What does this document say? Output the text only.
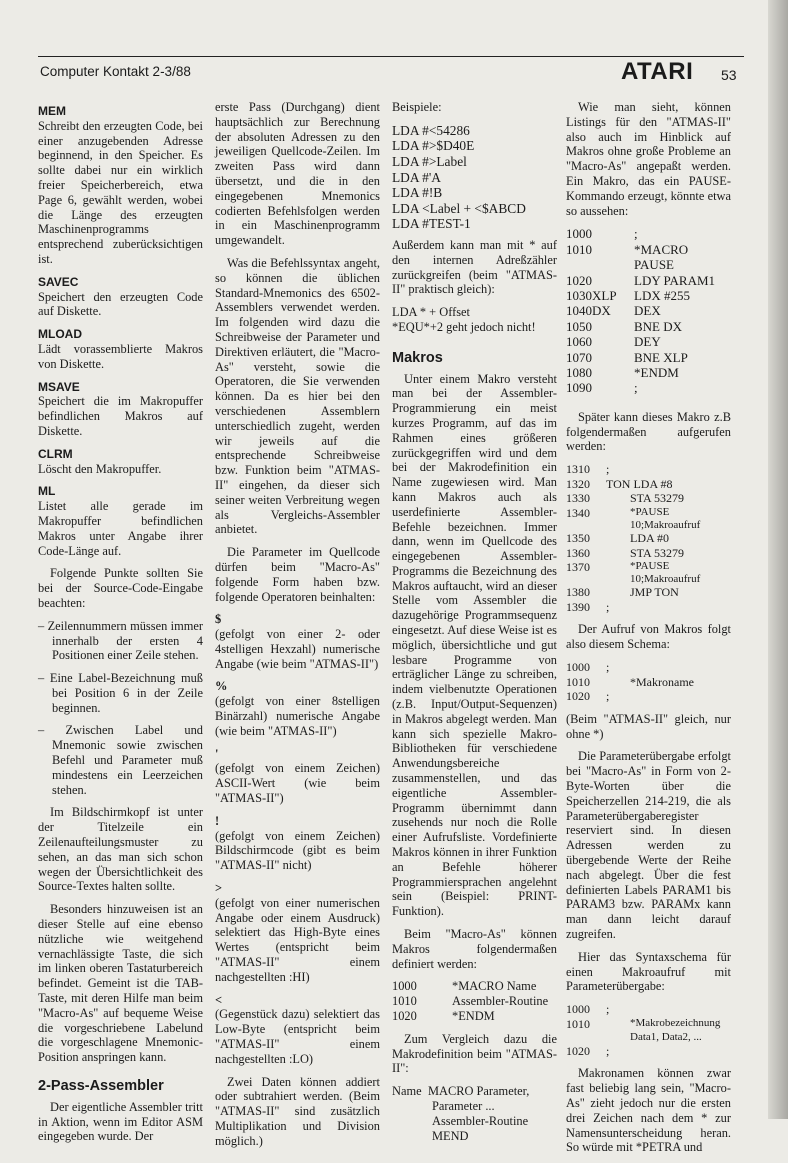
Computer Kontakt 2-3/88	ATARI 53
MEM

Schreibt den erzeugten Code, bei einer anzugebenden Adresse beginnend, in den Speicher. Es sollte dabei nur ein wirklich freier Speicherbereich, etwa Page 6, gewählt werden, wobei die Länge des erzeugten Maschinenprogramms entsprechend zuberücksichtigen ist.

SAVEC

Speichert den erzeugten Code auf Diskette.

MLOAD

Lädt vorassemblierte Makros von Diskette.

MSAVE

Speichert die im Makropuffer befindlichen Makros auf Diskette.

CLRM

Löscht den Makropuffer.

ML

Listet alle gerade im Makropuffer befindlichen Makros unter Angabe ihrer Code-Länge auf.

Folgende Punkte sollten Sie bei der Source-Code-Eingabe beachten:

– Zeilennummern müssen immer innerhalb der ersten 4 Positionen einer Zeile stehen.

– Eine Label-Bezeichnung muß bei Position 6 in der Zeile beginnen.

– Zwischen Label und Mnemonic sowie zwischen Befehl und Parameter muß mindestens ein Leerzeichen stehen.

Im Bildschirmkopf ist unter der Titelzeile ein Zeilenaufteilungsmuster zu sehen, an das man sich schon wegen der Übersichtlichkeit des Source-Textes halten sollte.

Besonders hinzuweisen ist an dieser Stelle auf eine ebenso nützliche wie weitgehend vernachlässigte Taste, die sich im linken oberen Tastaturbereich befindet. Gemeint ist die TAB-Taste, mit deren Hilfe man beim "Macro-As" auf bequeme Weise die vorgeschriebene Labelund die vorgeschlagene Mnemonic-Position anspringen kann.

2-Pass-Assembler

Der eigentliche Assembler tritt in Aktion, wenn im Editor ASM eingegeben wurde. Der

erste Pass (Durchgang) dient hauptsächlich zur Berechnung der absoluten Adressen zu den jeweiligen Quellcode-Zeilen. Im zweiten Pass wird dann übersetzt, und die in den eingegebenen Mnemonics codierten Befehlsfolgen werden in ein Maschinenprogramm umgewandelt.

Was die Befehlssyntax angeht, so können die üblichen Standard-Mnemonics des 6502-Assemblers verwendet werden. Im folgenden wird dazu die Schreibweise der Parameter und Direktiven erläutert, die "Macro-As" versteht, sowie die Operatoren, die Sie verwenden können. Da es hier bei den verschiedenen Assemblern unterschiedlich zugeht, werden wir jeweils auf die entsprechende Schreibweise bzw. Funktion beim "ATMAS-II" eingehen, da dieser sich seiner weiten Verbreitung wegen als Vergleichs-Assembler anbietet.

Die Parameter im Quellcode dürfen beim "Macro-As" folgende Form haben bzw. folgende Operatoren beinhalten:

$

(gefolgt von einer 2- oder 4stelligen Hexzahl) numerische Angabe (wie beim "ATMAS-II")

%

(gefolgt von einer 8stelligen Binärzahl) numerische Angabe (wie beim "ATMAS-II")

'

(gefolgt von einem Zeichen) ASCII-Wert (wie beim "ATMAS-II")

!

(gefolgt von einem Zeichen) Bildschirmcode (gibt es beim "ATMAS-II" nicht)

>

(gefolgt von einer numerischen Angabe oder einem Ausdruck) selektiert das High-Byte eines Wertes (entspricht beim "ATMAS-II" einem nachgestellten :HI)

<

(Gegenstück dazu) selektiert das Low-Byte (entspricht beim "ATMAS-II" einem nachgestellten :LO)

Zwei Daten können addiert oder subtrahiert werden. (Beim "ATMAS-II" sind zusätzlich Multiplikation und Division möglich.)

Beispiele:

LDA #<54286
LDA #>$D40E
LDA #>Label
LDA #'A
LDA #!B
LDA <Label + <$ABCD
LDA #TEST-1

Außerdem kann man mit * auf den internen Adreßzähler zurückgreifen (beim "ATMAS-II" praktisch gleich):

LDA * + Offset
*EQU*+2 geht jedoch nicht!
Makros

Unter einem Makro versteht man bei der Assembler-Programmierung ein meist kurzes Programm, auf das im Rahmen eines größeren zurückgegriffen wird und dem bei der Makrodefinition ein Name zugewiesen wird. Man kann Makros auch als userdefinierte Assembler-Befehle bezeichnen. Immer dann, wenn im Quellcode des eingegebenen Assembler-Programms die Bezeichnung des Makros auftaucht, wird an dieser Stelle vom Assembler die dazugehörige Programmsequenz eingesetzt. Auf diese Weise ist es möglich, übersichtliche und gut lesbare Programme von erträglicher Länge zu schreiben, indem vielbenutzte Operationen (z.B. Input/Output-Sequenzen) in Makros abgelegt werden. Man kann sich spezielle Makro-Bibliotheken für verschiedene Anwendungsbereiche zusammenstellen, und das eigentliche Assembler-Programm übernimmt dann zusehends nur noch die Rolle einer Aufrufsliste. Vordefinierte Makros können in ihrer Funktion an Befehle höherer Programmiersprachen angelehnt sein (Beispiel: PRINT-Funktion).

Beim "Macro-As" können Makros folgendermaßen definiert werden:

1000	*MACRO Name
1010	Assembler-Routine
1020	*ENDM

Zum Vergleich dazu die Makrodefinition beim "ATMAS-II":

Name MACRO Parameter,
Parameter ...
Assembler-Routine
MEND

Wie man sieht, können Listings für den "ATMAS-II" also auch im Hinblick auf Makros ohne große Probleme an "Macro-As" angepaßt werden. Ein Makro, das ein PAUSE-Kommando erzeugt, könnte etwa so aussehen:

1000	;
1010	*MACRO PAUSE
1020	LDY PARAM1
1030 XLP	LDX #255
1040 DX	DEX
1050	BNE DX
1060	DEY
1070	BNE XLP
1080	*ENDM
1090	;

Später kann dieses Makro z.B folgendermaßen aufgerufen werden:

1310	;
1320	TON LDA #8
1330	STA 53279
1340	*PAUSE 10;Makroaufruf
1350	LDA #0
1360	STA 53279
1370	*PAUSE 10;Makroaufruf
1380	JMP TON
1390	;

Der Aufruf von Makros folgt also diesem Schema:

1000	;
1010	*Makroname
1020	;

(Beim "ATMAS-II" gleich, nur ohne *)

Die Parameterübergabe erfolgt bei "Macro-As" in Form von 2-Byte-Worten über die Speicherzellen 214-219, die als Parameterübergaberegister reserviert sind. In diesen Adressen werden zu übergebende Werte der Reihe nach abgelegt. Über die fest definierten Labels PARAM1 bis PARAM3 bzw. PARAMx kann man dann leicht darauf zugreifen.

Hier das Syntaxschema für einen Makroaufruf mit Parameterübergabe:

1000	;
1010	*Makrobezeichnung
Data1, Data2, ...
1020	;

Makronamen können zwar fast beliebig lang sein, "Macro-As" zieht jedoch nur die ersten drei Zeichen nach dem * zur Namensunterscheidung heran. So würde mit *PETRA und
